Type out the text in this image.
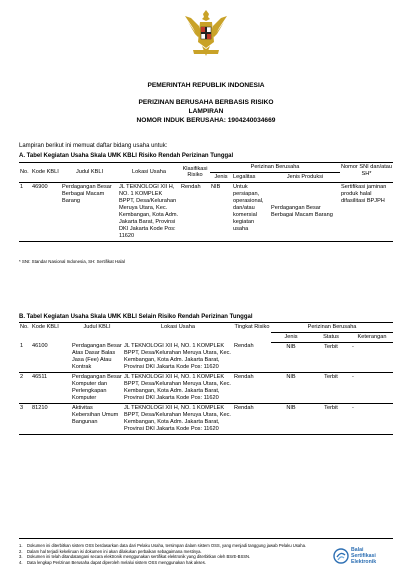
PEMERINTAH REPUBLIK INDONESIA
PERIZINAN BERUSAHA BERBASIS RISIKO
LAMPIRAN
NOMOR INDUK BERUSAHA: 1904240034669
Lampiran berikut ini memuat daftar bidang usaha untuk:
A. Tabel Kegiatan Usaha Skala UMK KBLI Risiko Rendah Perizinan Tunggal
No.	Kode KBLI	Judul KBLI	Lokasi Usaha	Klasifikasi Risiko	Perizinan Berusaha			Nomor SNI dan/atau SH*
					Jenis	Legalitas	Jenis Produksi	
1	46900	Perdagangan Besar Berbagai Macam Barang	JL TEKNOLOGI XII H, NO. 1 KOMPLEK BPPT, Desa/Kelurahan Meruya Utara, Kec. Kembangan, Kota Adm. Jakarta Barat, Provinsi DKI Jakarta Kode Pos: 11620	Rendah	NIB	Untuk persiapan, operasional, dan/atau komersial kegiatan usaha	Perdagangan Besar Berbagai Macam Barang	Sertifikasi jaminan produk halal difasilitasi BPJPH
* SNI: Standar Nasional Indonesia, SH: Sertifikat Halal
B. Tabel Kegiatan Usaha Skala UMK KBLI Selain Risiko Rendah Perizinan Tunggal
No.	Kode KBLI	Judul KBLI	Lokasi Usaha	Tingkat Risiko	Perizinan Berusaha		
					Jenis	Status	Keterangan
1	46100	Perdagangan Besar Atas Dasar Balas Jasa (Fee) Atau Kontrak	JL TEKNOLOGI XII H, NO. 1 KOMPLEK BPPT, Desa/Kelurahan Meruya Utara, Kec. Kembangan, Kota Adm. Jakarta Barat, Provinsi DKI Jakarta Kode Pos: 11620	Rendah	NIB	Terbit	-
2	46511	Perdagangan Besar Komputer dan Perlengkapan Komputer	JL TEKNOLOGI XII H, NO. 1 KOMPLEK BPPT, Desa/Kelurahan Meruya Utara, Kec. Kembangan, Kota Adm. Jakarta Barat, Provinsi DKI Jakarta Kode Pos: 11620	Rendah	NIB	Terbit	-
3	81210	Aktivitas Kebersihan Umum Bangunan	JL TEKNOLOGI XII H, NO. 1 KOMPLEK BPPT, Desa/Kelurahan Meruya Utara, Kec. Kembangan, Kota Adm. Jakarta Barat, Provinsi DKI Jakarta Kode Pos: 11620	Rendah	NIB	Terbit	-
1. Dokumen ini diterbitkan sistem OSS berdasarkan data dari Pelaku Usaha, tersimpan dalam sistem OSS, yang menjadi tanggung jawab Pelaku Usaha.
2. Dalam hal terjadi kekeliruan isi dokumen ini akan dilakukan perbaikan sebagaimana mestinya.
3. Dokumen ini telah ditandatangani secara elektronik menggunakan sertifikat elektronik yang diterbitkan oleh BSrE-BSSN.
4. Data lengkap Perizinan Berusaha dapat diperoleh melalui sistem OSS menggunakan hak akses.
Balai
Sertifikasi
Elektronik
